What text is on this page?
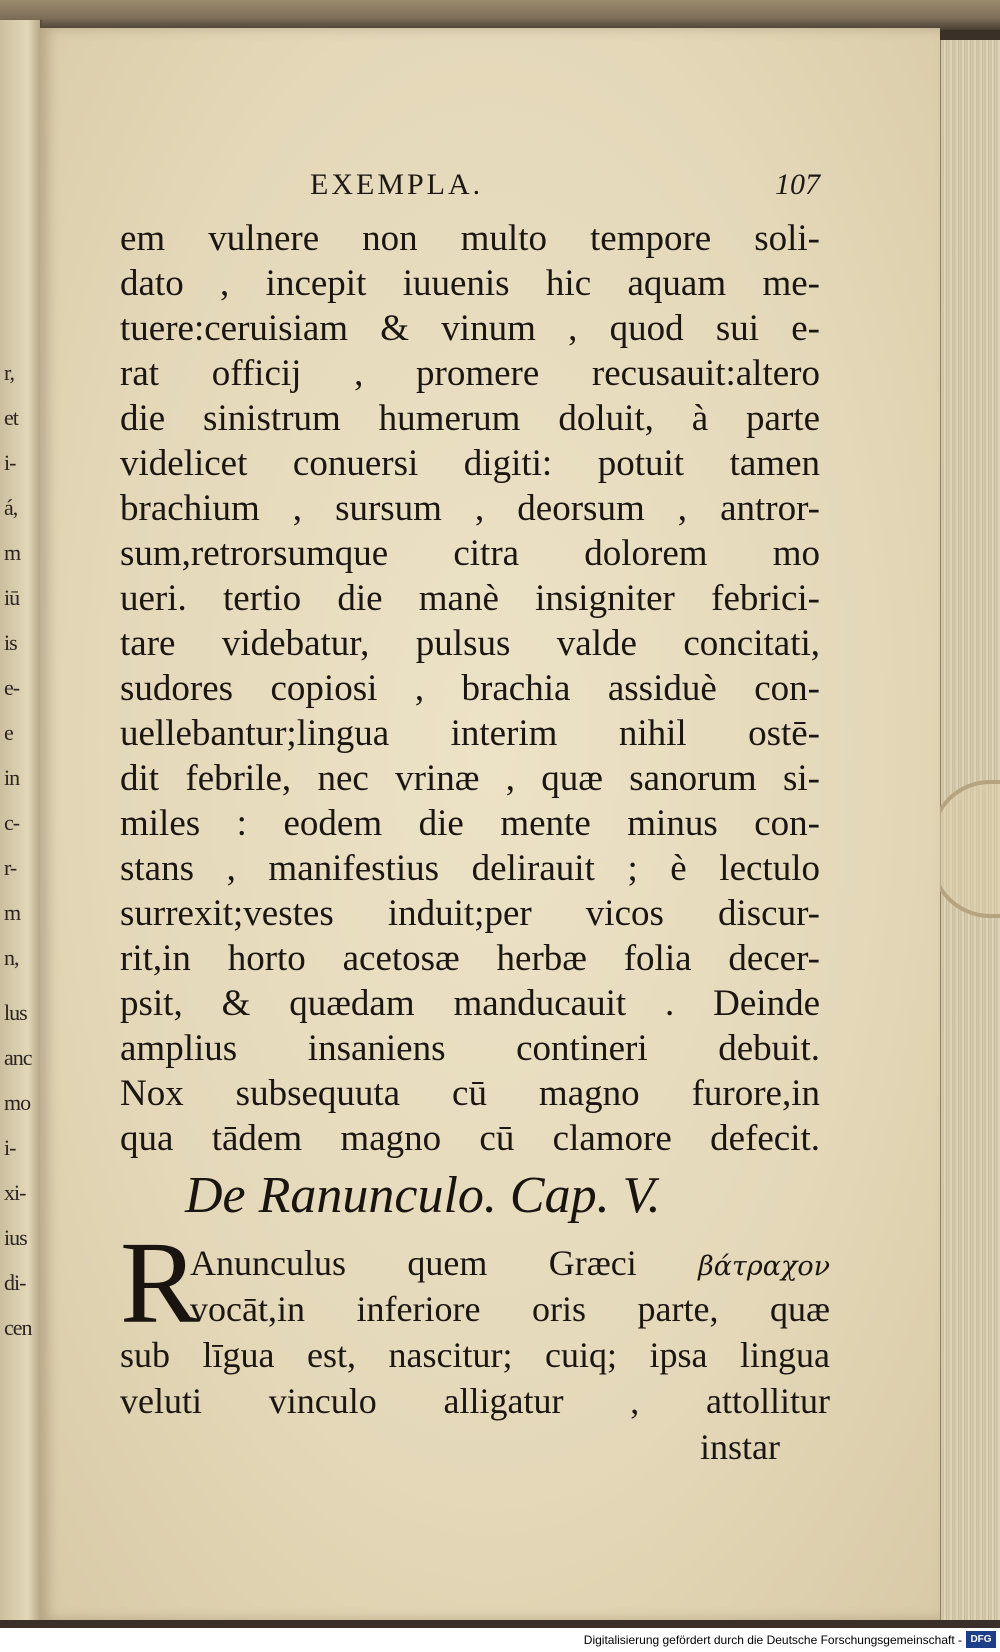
r,
et
i-
á,
m
iū
is
e-
e
in
c-
r-
m
n,
lus
anc
mo
i-
xi-
ius
di-
cen
EXEMPLA.	107
em vulnere non multo tempore soli-
dato , incepit iuuenis hic aquam me-
tuere:ceruisiam & vinum , quod sui e-
rat officij , promere recusauit:altero
die sinistrum humerum doluit, à parte
videlicet conuersi digiti: potuit tamen
brachium , sursum , deorsum , antror-
sum,retrorsumque citra dolorem mo
ueri. tertio die manè insigniter febrici-
tare videbatur, pulsus valde concitati,
sudores copiosi , brachia assiduè con-
uellebantur;lingua interim nihil ostē-
dit febrile, nec vrinæ , quæ sanorum si-
miles : eodem die mente minus con-
stans , manifestius delirauit ; è lectulo
surrexit;vestes induit;per vicos discur-
rit,in horto acetosæ herbæ folia decer-
psit, & quædam manducauit . Deinde
amplius insaniens contineri debuit.
Nox subsequuta cū magno furore,in
qua tādem magno cū clamore defecit.
De Ranunculo. Cap. V.
R
Anunculus quem Græci βάτραχον
vocāt,in inferiore oris parte, quæ
sub līgua est, nascitur; cuiq; ipsa lingua
veluti vinculo alligatur , attollitur
instar
Digitalisierung gefördert durch die Deutsche Forschungsgemeinschaft - DFG
